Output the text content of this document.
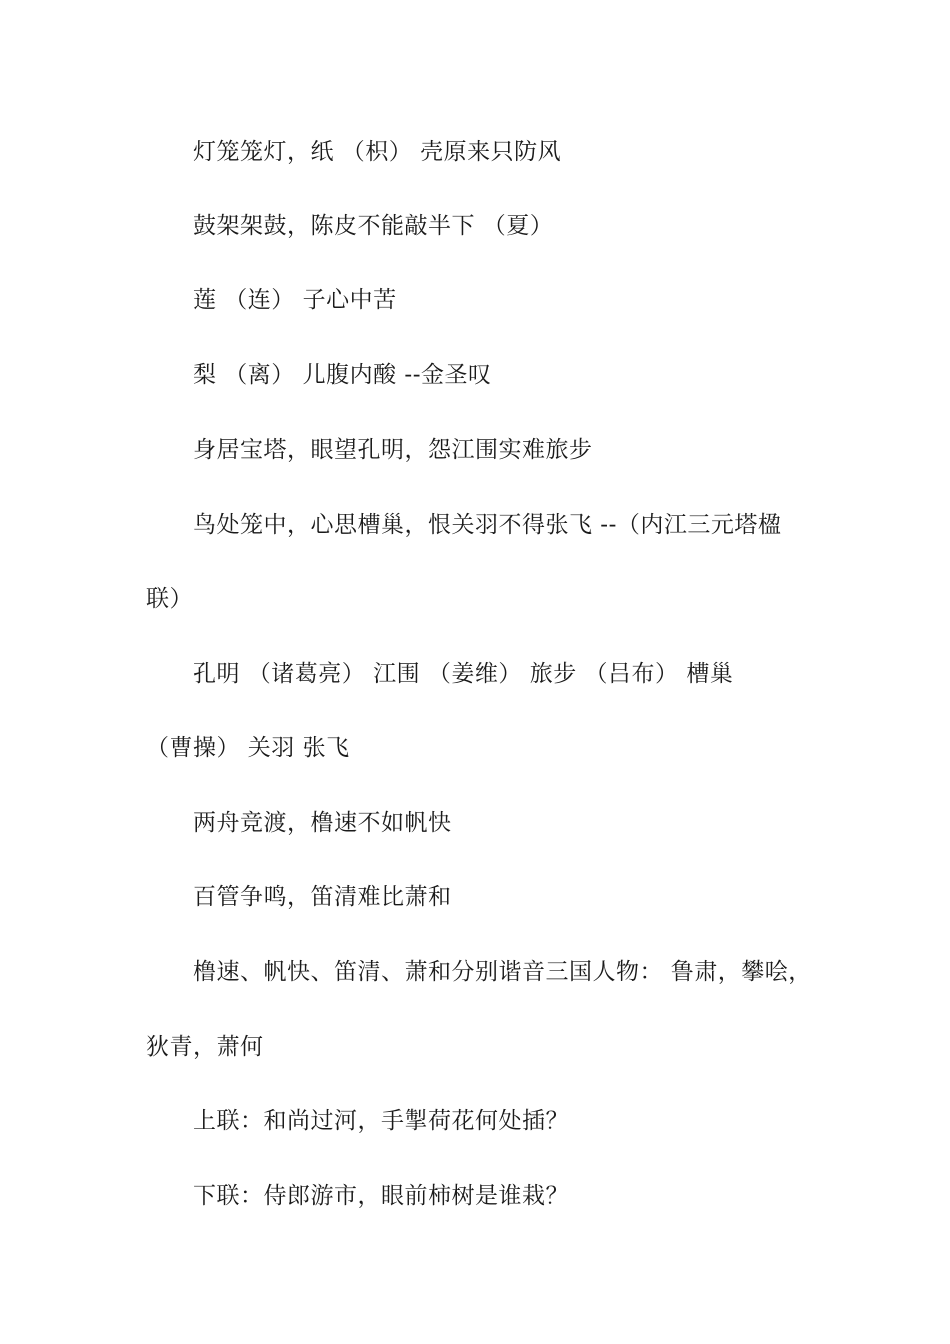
灯笼笼灯，纸 （枳） 壳原来只防风
鼓架架鼓，陈皮不能敲半下 （夏）
莲 （连） 子心中苦
梨 （离） 儿腹内酸 --金圣叹
身居宝塔，眼望孔明，怨江围实难旅步
鸟处笼中，心思槽巢，恨关羽不得张飞 --（内江三元塔楹
联）
孔明 （诸葛亮） 江围 （姜维） 旅步 （吕布） 槽巢
（曹操） 关羽 张飞
两舟竞渡，橹速不如帆快
百管争鸣，笛清难比萧和
橹速、帆快、笛清、萧和分别谐音三国人物： 鲁肃，攀哙，
狄青，萧何
上联：和尚过河，手掣荷花何处插？
下联：侍郎游市，眼前柿树是谁栽？
